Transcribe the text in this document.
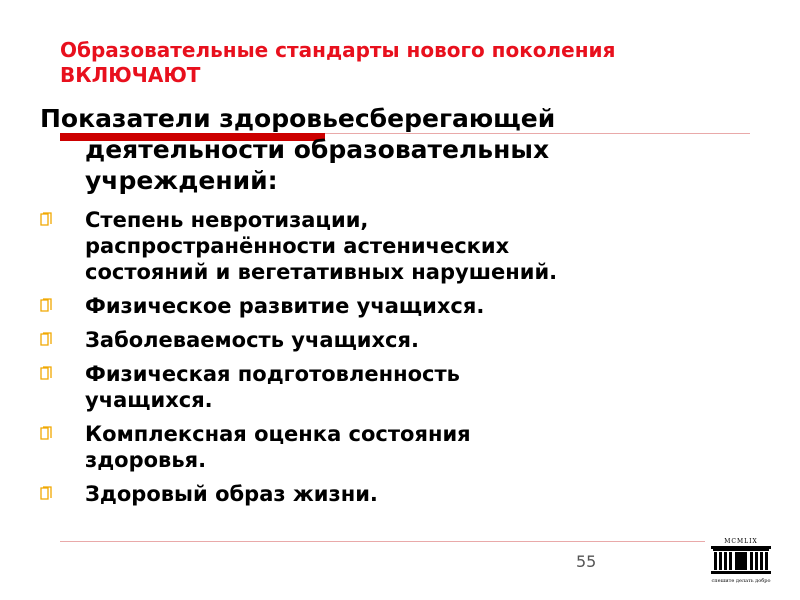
Образовательные стандарты нового поколения ВКЛЮЧАЮТ
Показатели здоровьесберегающей
деятельности образовательных
учреждений:
Степень невротизации,
распространённости астенических
состояний и вегетативных нарушений.
Физическое развитие учащихся.
Заболеваемость учащихся.
Физическая подготовленность
учащихся.
Комплексная оценка состояния
здоровья.
Здоровый образ жизни.
55
MCMLIX
спешите делать добро
